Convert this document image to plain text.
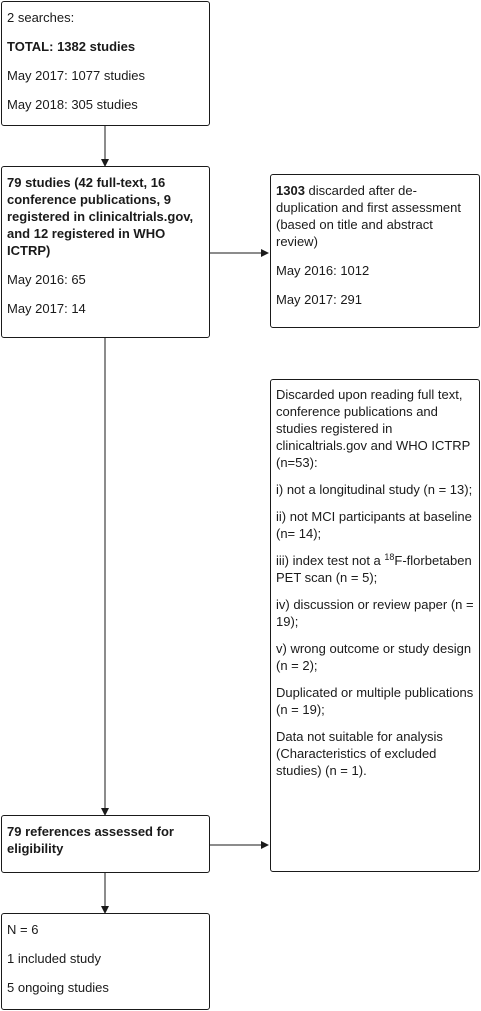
2 searches:
TOTAL: 1382 studies
May 2017: 1077 studies
May 2018: 305 studies
79 studies (42 full-text, 16 conference publications, 9 registered in clinicaltrials.gov, and 12 registered in WHO ICTRP)
May 2016: 65
May 2017: 14
1303 discarded after de-duplication and first assessment (based on title and abstract review)
May 2016: 1012
May 2017: 291
Discarded upon reading full text, conference publications and studies registered in clinicaltrials.gov and WHO ICTRP (n=53):
i) not a longitudinal study (n = 13);
ii) not MCI participants at baseline (n= 14);
iii) index test not a $^{18}$F-florbetaben PET scan (n = 5);
iv) discussion or review paper (n = 19);
v) wrong outcome or study design (n = 2);
Duplicated or multiple publications (n = 19);
Data not suitable for analysis (Characteristics of excluded studies) (n = 1).
79 references assessed for eligibility
N = 6
1 included study
5 ongoing studies
